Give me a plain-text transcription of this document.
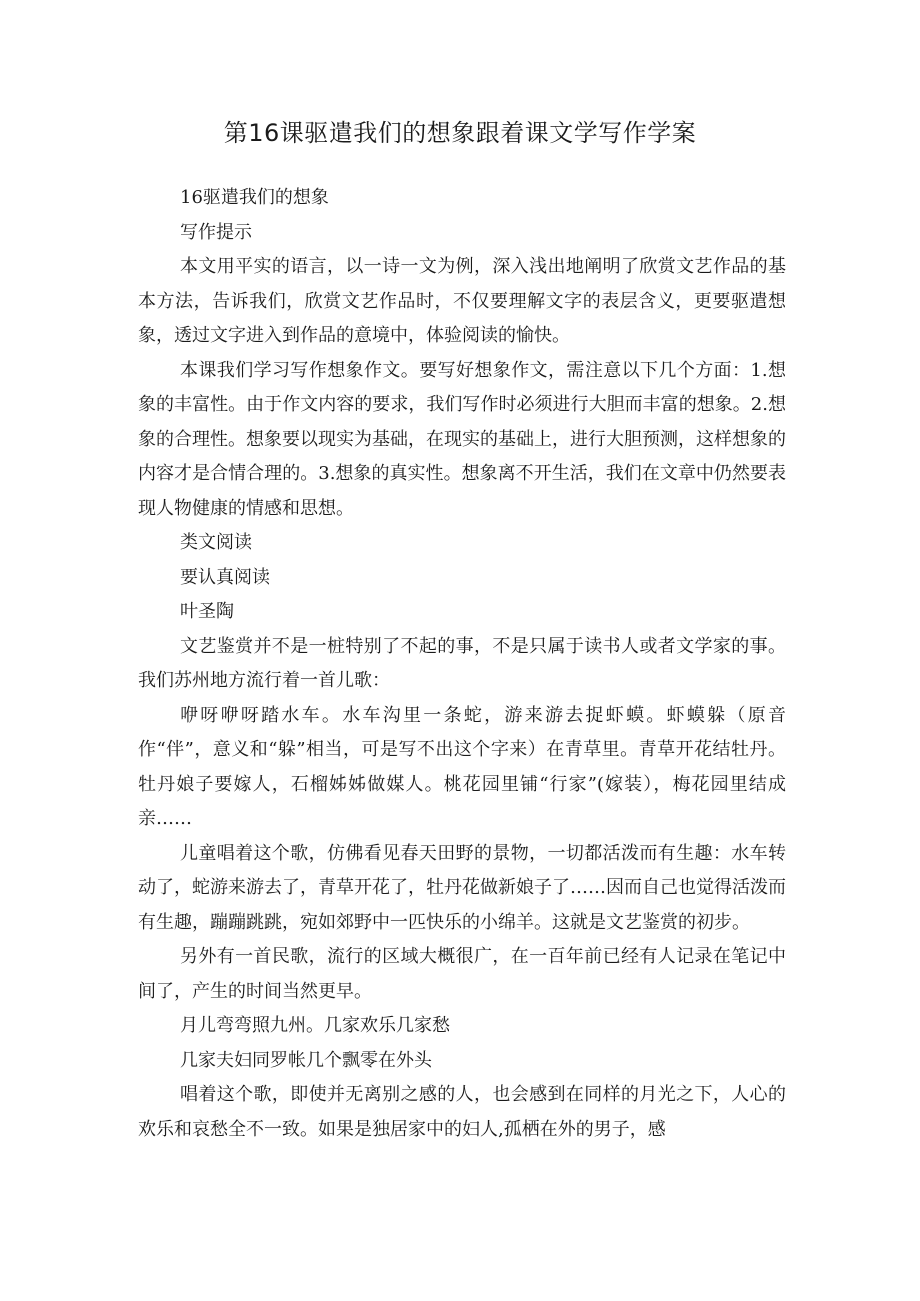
第16课驱遣我们的想象跟着课文学写作学案

16驱遣我们的想象

写作提示

本文用平实的语言，以一诗一文为例，深入浅出地阐明了欣赏文艺作品的基本方法，告诉我们，欣赏文艺作品时，不仅要理解文字的表层含义，更要驱遣想象，透过文字进入到作品的意境中，体验阅读的愉快。

本课我们学习写作想象作文。要写好想象作文，需注意以下几个方面：1.想象的丰富性。由于作文内容的要求，我们写作时必须进行大胆而丰富的想象。2.想象的合理性。想象要以现实为基础，在现实的基础上，进行大胆预测，这样想象的内容才是合情合理的。3.想象的真实性。想象离不开生活，我们在文章中仍然要表现人物健康的情感和思想。

类文阅读

要认真阅读

叶圣陶

文艺鉴赏并不是一桩特别了不起的事，不是只属于读书人或者文学家的事。我们苏州地方流行着一首儿歌：

咿呀咿呀踏水车。水车沟里一条蛇，游来游去捉虾蟆。虾蟆躲（原音作“伴”，意义和“躲”相当，可是写不出这个字来）在青草里。青草开花结牡丹。牡丹娘子要嫁人，石榴姊姊做媒人。桃花园里铺“行家”(嫁装），梅花园里结成亲……

儿童唱着这个歌，仿佛看见春天田野的景物，一切都活泼而有生趣：水车转动了，蛇游来游去了，青草开花了，牡丹花做新娘子了……因而自己也觉得活泼而有生趣，蹦蹦跳跳，宛如郊野中一匹快乐的小绵羊。这就是文艺鉴赏的初步。

另外有一首民歌，流行的区域大概很广，在一百年前已经有人记录在笔记中间了，产生的时间当然更早。

月儿弯弯照九州。几家欢乐几家愁

几家夫妇同罗帐几个飘零在外头

唱着这个歌，即使并无离别之感的人，也会感到在同样的月光之下，人心的欢乐和哀愁全不一致。如果是独居家中的妇人,孤栖在外的男子，感
